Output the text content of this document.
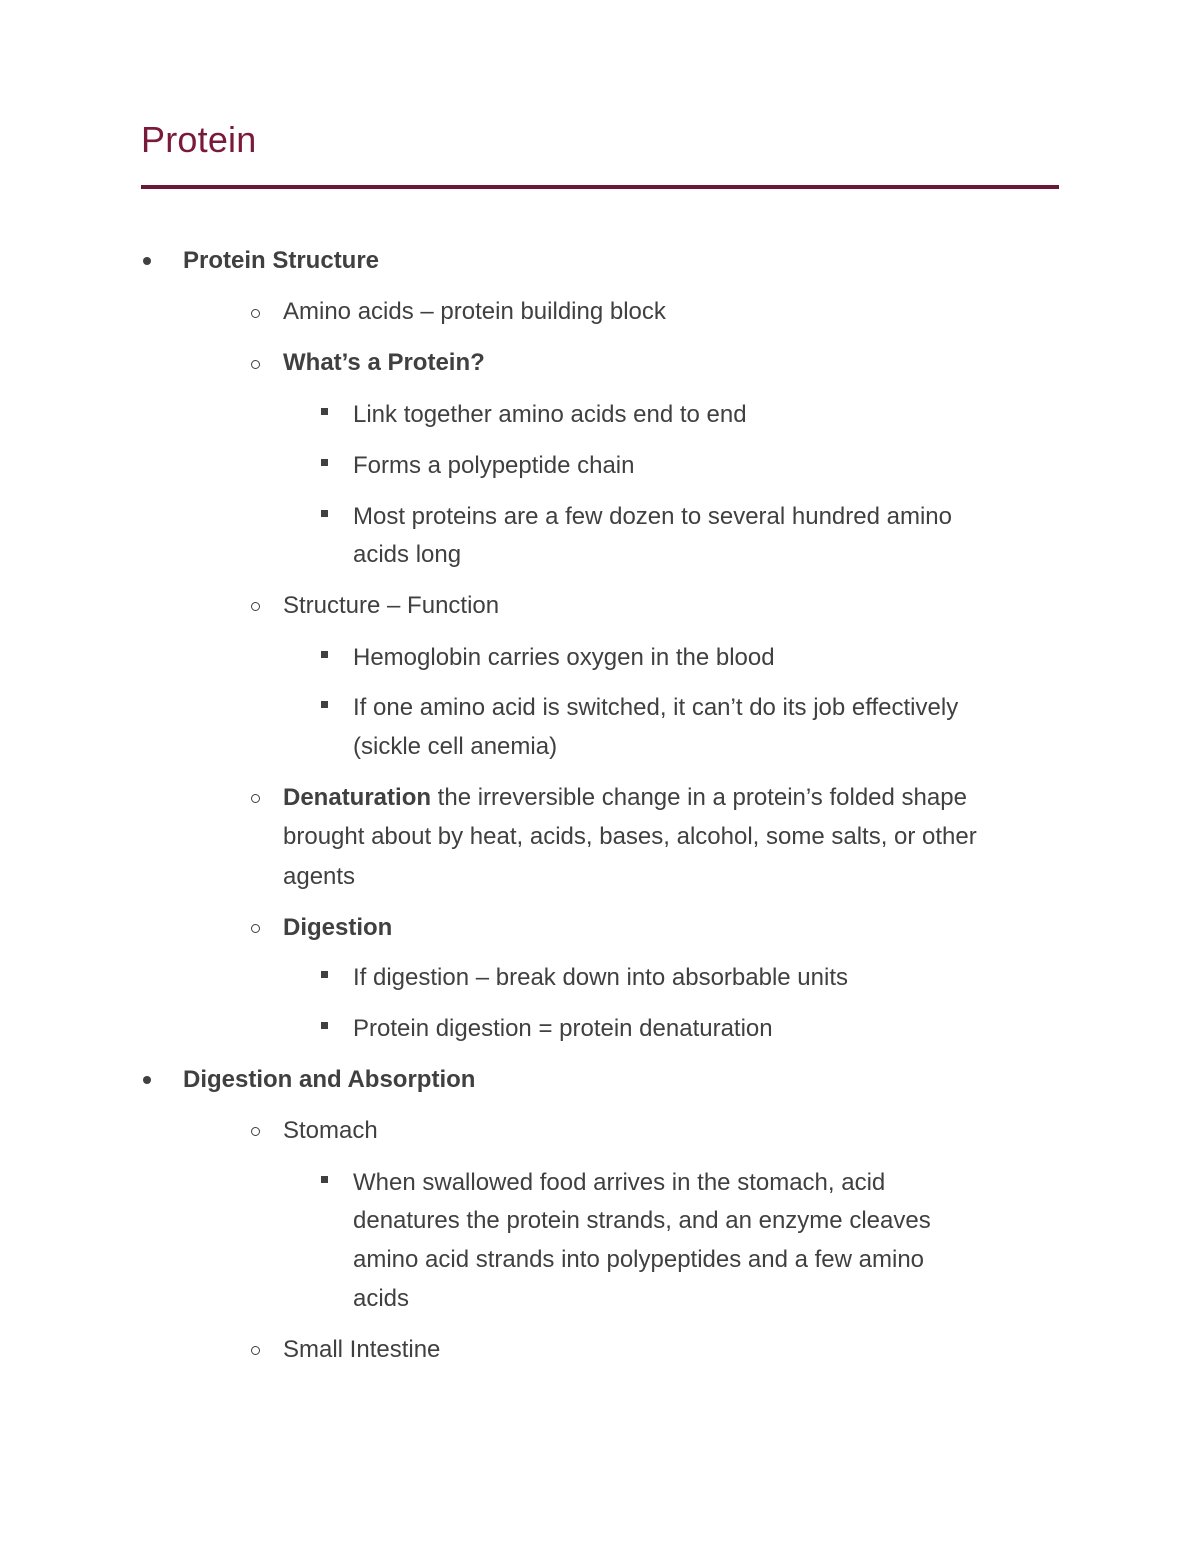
Protein
Protein Structure
Amino acids – protein building block
What’s a Protein?
Link together amino acids end to end
Forms a polypeptide chain
Most proteins are a few dozen to several hundred amino
acids long
Structure – Function
Hemoglobin carries oxygen in the blood
If one amino acid is switched, it can’t do its job effectively
(sickle cell anemia)
Denaturation the irreversible change in a protein’s folded shape
brought about by heat, acids, bases, alcohol, some salts, or other
agents
Digestion
If digestion – break down into absorbable units
Protein digestion = protein denaturation
Digestion and Absorption
Stomach
When swallowed food arrives in the stomach, acid
denatures the protein strands, and an enzyme cleaves
amino acid strands into polypeptides and a few amino
acids
Small Intestine
